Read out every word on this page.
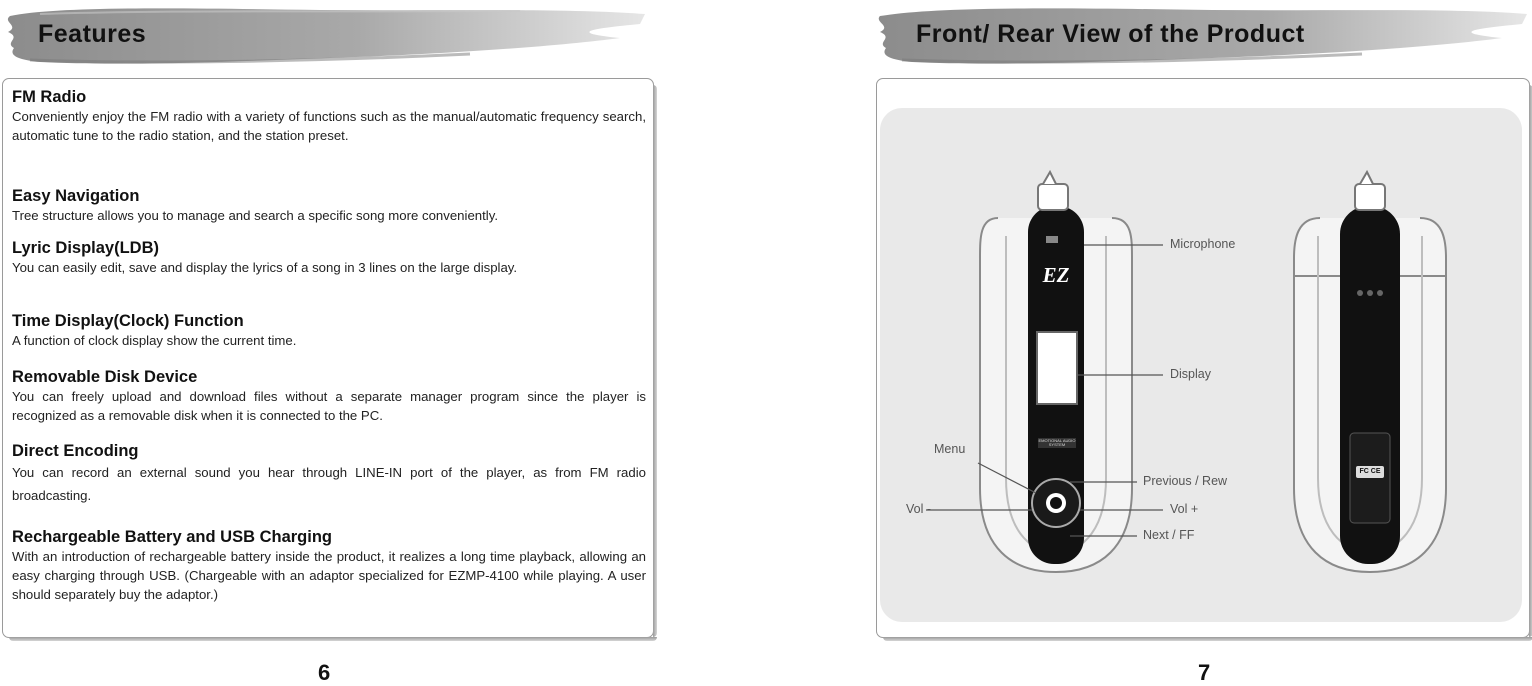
Features
FM Radio

Conveniently enjoy the FM radio with a variety of functions such as the manual/automatic frequency search, automatic tune to the radio station, and the station preset.

Easy Navigation

Tree structure allows you to manage and search a specific song more conveniently.

Lyric Display(LDB)

You can easily edit, save and display the lyrics of a song in 3 lines on the large display.

Time Display(Clock) Function

A function of clock display show the current time.

Removable Disk Device

You can freely upload and download files without a separate manager program since the player is recognized as a removable disk when it is connected to the PC.

Direct Encoding

You can record an external sound you hear through LINE-IN port of the player, as from FM radio broadcasting.

Rechargeable Battery and USB Charging

With an introduction of rechargeable battery inside the product, it realizes a long time playback, allowing an easy charging through USB. (Chargeable with an adaptor specialized for EZMP-4100 while playing. A user should separately buy the adaptor.)

6
Front/ Rear View of the Product
EZ
EMOTIONAL AUDIO SYSTEM
FC CE
Microphone
Display
Menu
Previous / Rew
Vol -	Vol +
Next / FF
7
